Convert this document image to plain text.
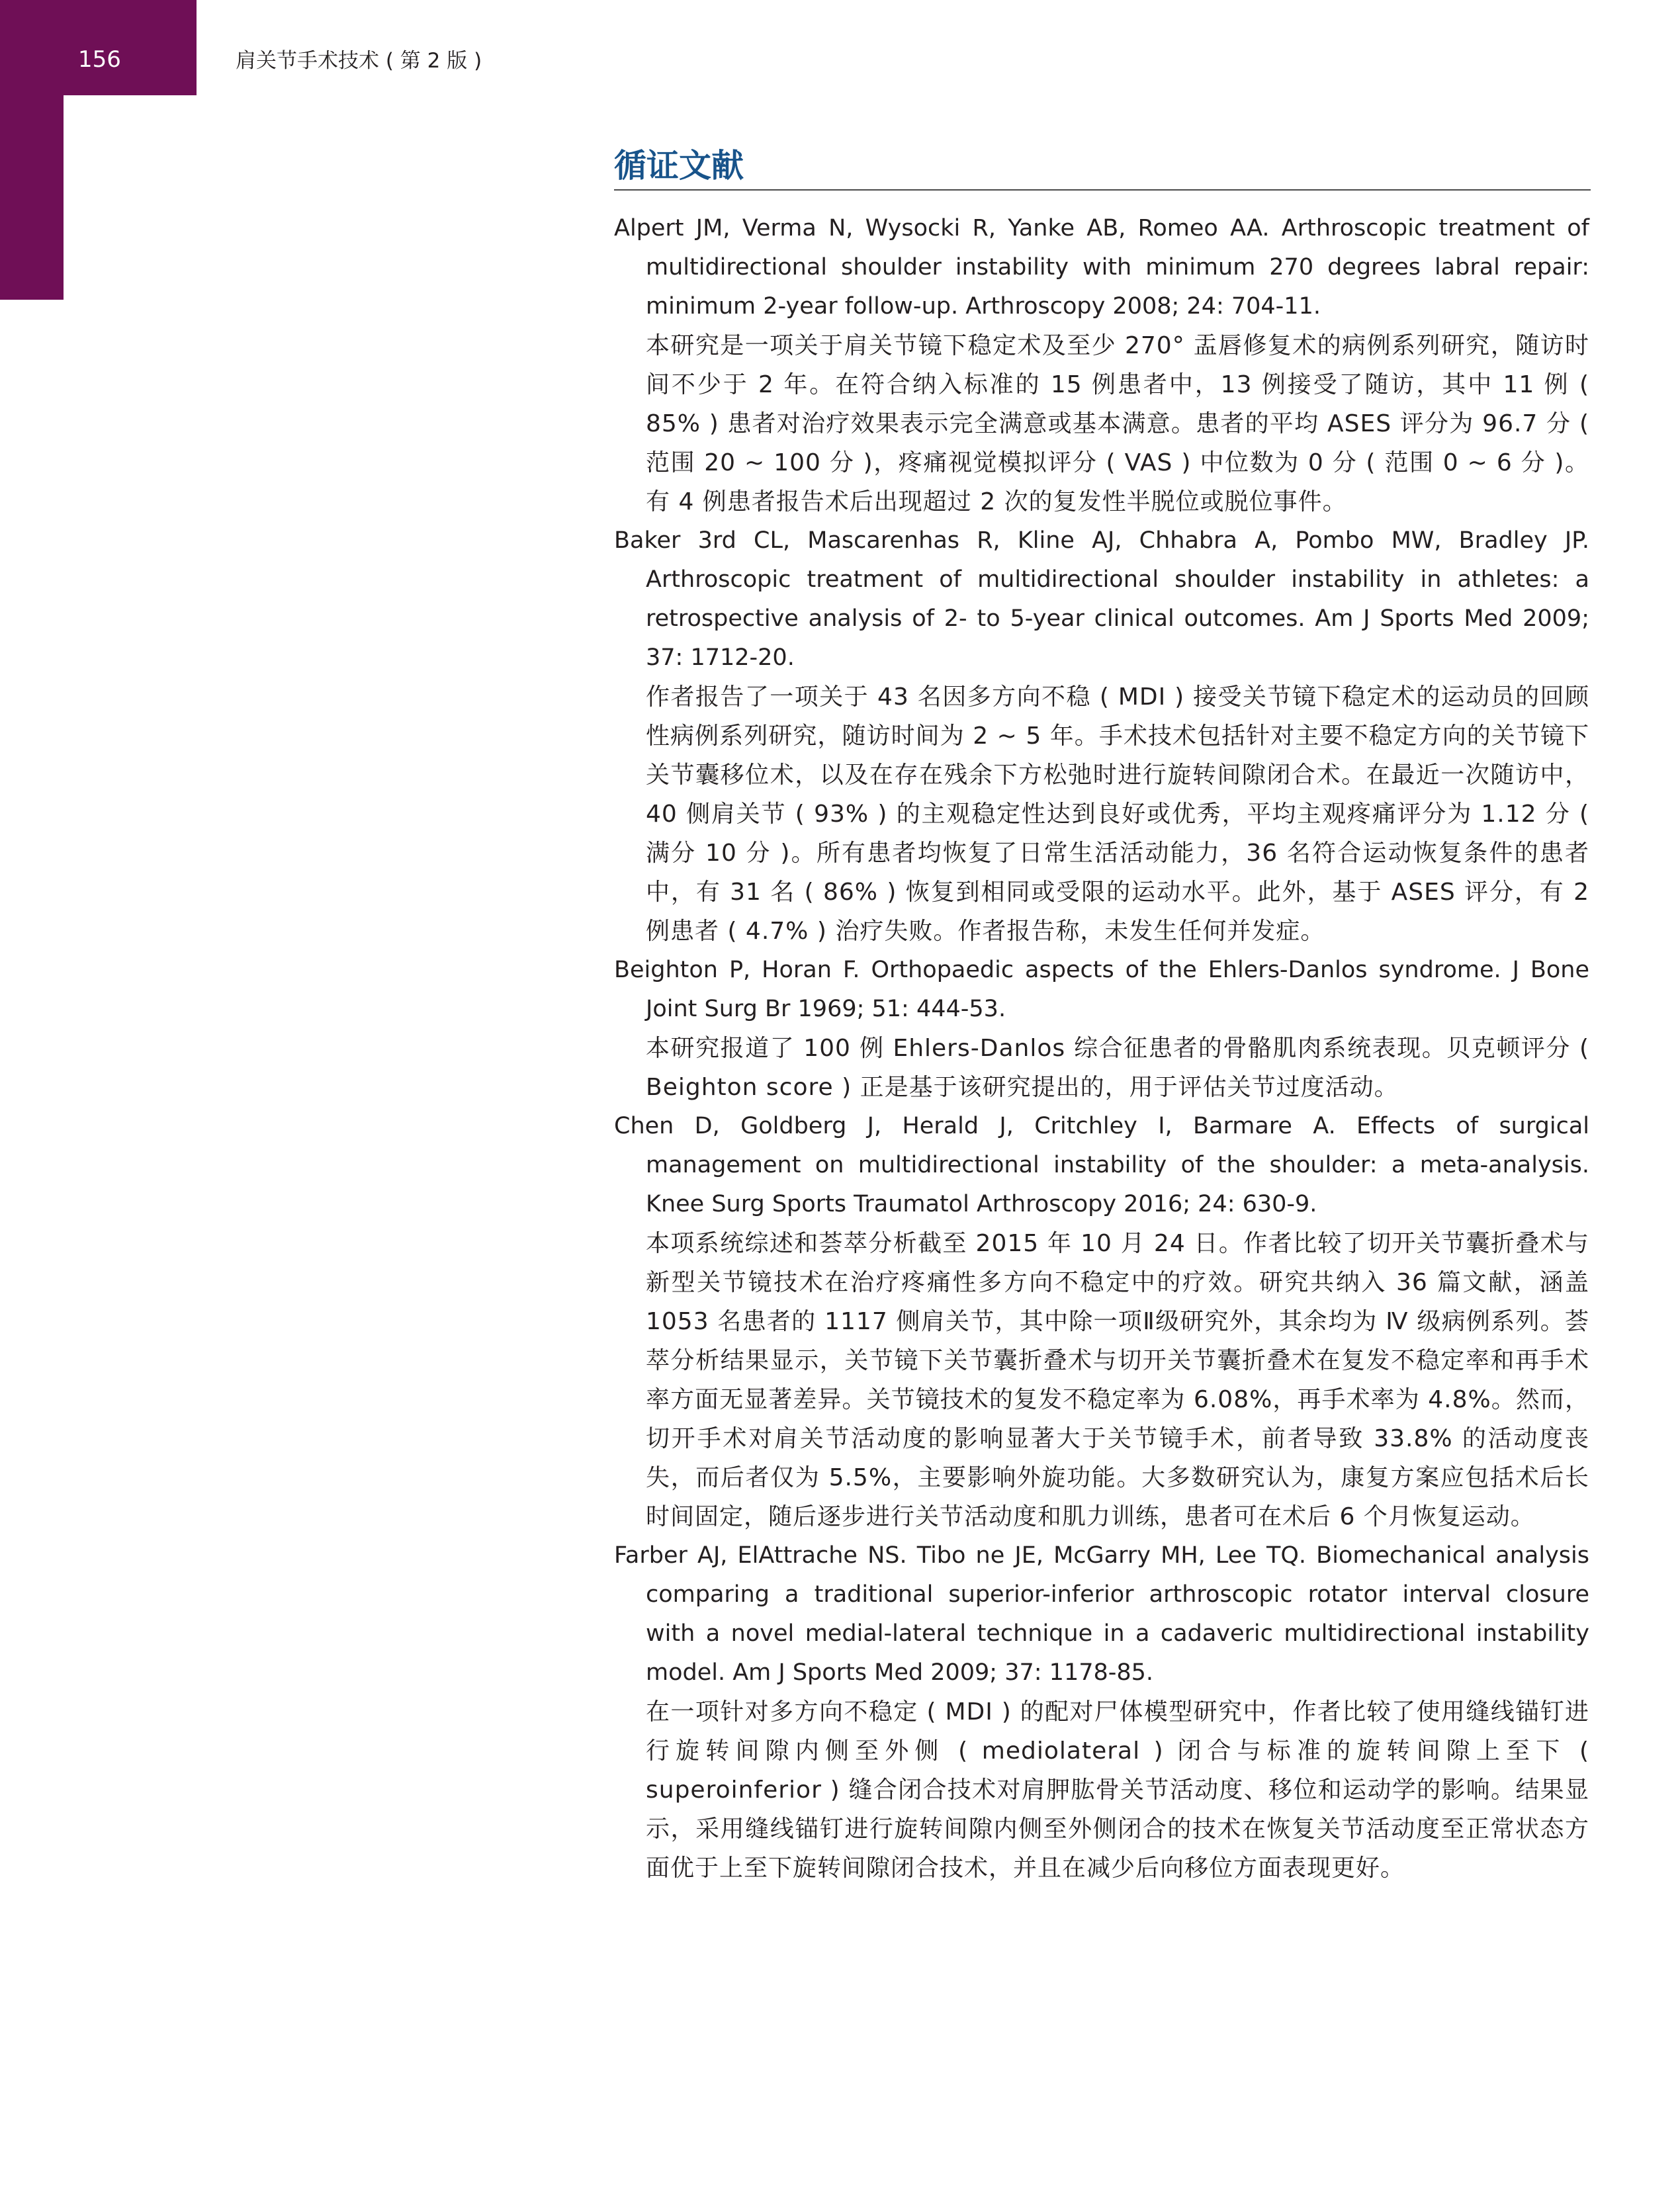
156	肩关节手术技术 ( 第 2 版 )
循证文献

Alpert JM, Verma N, Wysocki R, Yanke AB, Romeo AA. Arthroscopic treatment of multidirectional shoulder instability with minimum 270 degrees labral repair: minimum 2-year follow-up. Arthroscopy 2008; 24: 704-11.

本研究是一项关于肩关节镜下稳定术及至少 270° 盂唇修复术的病例系列研究，随访时间不少于 2 年。在符合纳入标准的 15 例患者中，13 例接受了随访，其中 11 例 ( 85% ) 患者对治疗效果表示完全满意或基本满意。患者的平均 ASES 评分为 96.7 分 ( 范围 20 ~ 100 分 )，疼痛视觉模拟评分 ( VAS ) 中位数为 0 分 ( 范围 0 ~ 6 分 )。有 4 例患者报告术后出现超过 2 次的复发性半脱位或脱位事件。

Baker 3rd CL, Mascarenhas R, Kline AJ, Chhabra A, Pombo MW, Bradley JP. Arthroscopic treatment of multidirectional shoulder instability in athletes: a retrospective analysis of 2- to 5-year clinical outcomes. Am J Sports Med 2009; 37: 1712-20.

作者报告了一项关于 43 名因多方向不稳 ( MDI ) 接受关节镜下稳定术的运动员的回顾性病例系列研究，随访时间为 2 ~ 5 年。手术技术包括针对主要不稳定方向的关节镜下关节囊移位术，以及在存在残余下方松弛时进行旋转间隙闭合术。在最近一次随访中，40 侧肩关节 ( 93% ) 的主观稳定性达到良好或优秀，平均主观疼痛评分为 1.12 分 ( 满分 10 分 )。所有患者均恢复了日常生活活动能力，36 名符合运动恢复条件的患者中，有 31 名 ( 86% ) 恢复到相同或受限的运动水平。此外，基于 ASES 评分，有 2 例患者 ( 4.7% ) 治疗失败。作者报告称，未发生任何并发症。

Beighton P, Horan F. Orthopaedic aspects of the Ehlers-Danlos syndrome. J Bone Joint Surg Br 1969; 51: 444-53.

本研究报道了 100 例 Ehlers-Danlos 综合征患者的骨骼肌肉系统表现。贝克顿评分 ( Beighton score ) 正是基于该研究提出的，用于评估关节过度活动。

Chen D, Goldberg J, Herald J, Critchley I, Barmare A. Effects of surgical management on multidirectional instability of the shoulder: a meta-analysis. Knee Surg Sports Traumatol Arthroscopy 2016; 24: 630-9.

本项系统综述和荟萃分析截至 2015 年 10 月 24 日。作者比较了切开关节囊折叠术与新型关节镜技术在治疗疼痛性多方向不稳定中的疗效。研究共纳入 36 篇文献，涵盖 1053 名患者的 1117 侧肩关节，其中除一项Ⅱ级研究外，其余均为 Ⅳ 级病例系列。荟萃分析结果显示，关节镜下关节囊折叠术与切开关节囊折叠术在复发不稳定率和再手术率方面无显著差异。关节镜技术的复发不稳定率为 6.08%，再手术率为 4.8%。然而，切开手术对肩关节活动度的影响显著大于关节镜手术，前者导致 33.8% 的活动度丧失，而后者仅为 5.5%，主要影响外旋功能。大多数研究认为，康复方案应包括术后长时间固定，随后逐步进行关节活动度和肌力训练，患者可在术后 6 个月恢复运动。

Farber AJ, ElAttrache NS. Tibo ne JE, McGarry MH, Lee TQ. Biomechanical analysis comparing a traditional superior-inferior arthroscopic rotator interval closure with a novel medial-lateral technique in a cadaveric multidirectional instability model. Am J Sports Med 2009; 37: 1178-85.

在一项针对多方向不稳定 ( MDI ) 的配对尸体模型研究中，作者比较了使用缝线锚钉进行旋转间隙内侧至外侧 ( mediolateral ) 闭合与标准的旋转间隙上至下 ( superoinferior ) 缝合闭合技术对肩胛肱骨关节活动度、移位和运动学的影响。结果显示，采用缝线锚钉进行旋转间隙内侧至外侧闭合的技术在恢复关节活动度至正常状态方面优于上至下旋转间隙闭合技术，并且在减少后向移位方面表现更好。
